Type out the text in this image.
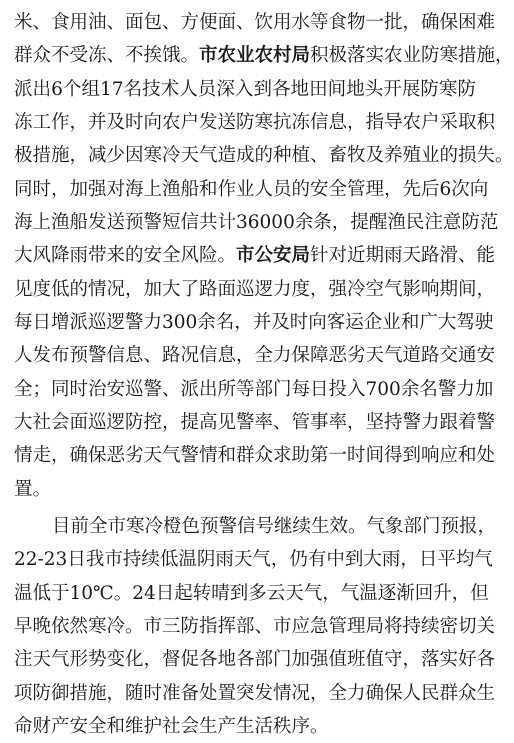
米、食用油、面包、方便面、饮用水等食物一批，确保困难
群众不受冻、不挨饿。市农业农村局积极落实农业防寒措施，
派出6个组17名技术人员深入到各地田间地头开展防寒防
冻工作，并及时向农户发送防寒抗冻信息，指导农户采取积
极措施，减少因寒冷天气造成的种植、畜牧及养殖业的损失。
同时，加强对海上渔船和作业人员的安全管理，先后6次向
海上渔船发送预警短信共计36000余条，提醒渔民注意防范
大风降雨带来的安全风险。市公安局针对近期雨天路滑、能
见度低的情况，加大了路面巡逻力度，强冷空气影响期间，
每日增派巡逻警力300余名，并及时向客运企业和广大驾驶
人发布预警信息、路况信息，全力保障恶劣天气道路交通安
全；同时治安巡警、派出所等部门每日投入700余名警力加
大社会面巡逻防控，提高见警率、管事率，坚持警力跟着警
情走，确保恶劣天气警情和群众求助第一时间得到响应和处
置。
目前全市寒冷橙色预警信号继续生效。气象部门预报，
22-23日我市持续低温阴雨天气，仍有中到大雨，日平均气
温低于10℃。24日起转晴到多云天气，气温逐渐回升，但
早晚依然寒冷。市三防指挥部、市应急管理局将持续密切关
注天气形势变化，督促各地各部门加强值班值守，落实好各
项防御措施，随时准备处置突发情况，全力确保人民群众生
命财产安全和维护社会生产生活秩序。
